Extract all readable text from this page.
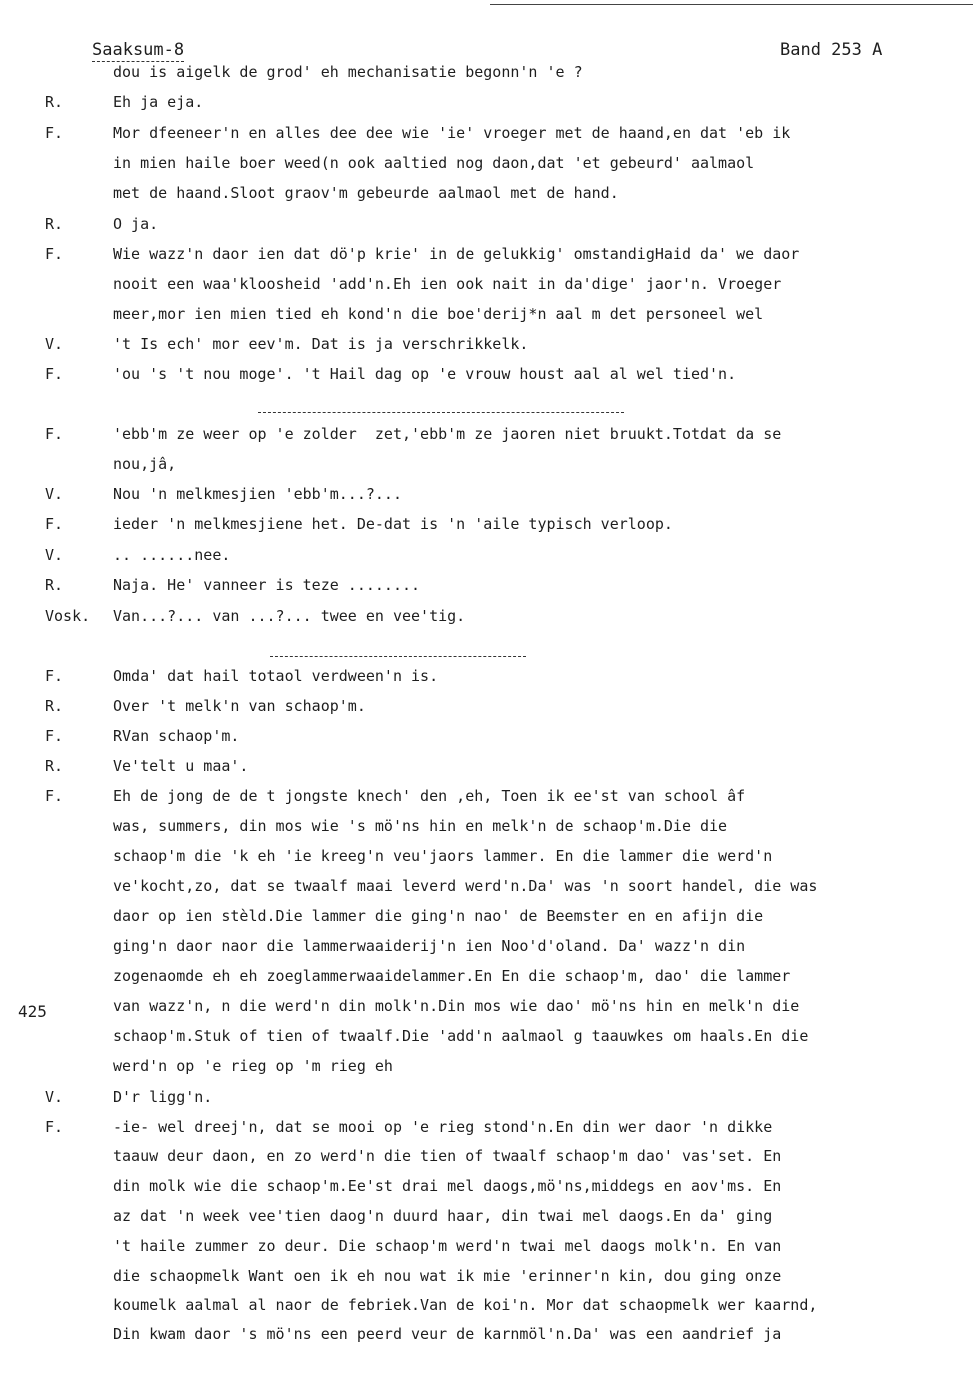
Saaksum-8	Band 253 A
425
dou is aigelk de grod' eh mechanisatie begonn'n 'e ?
R.	Eh ja eja.
F.	Mor dfeeneer'n en alles dee dee wie 'ie' vroeger met de haand,en dat 'eb ik
in mien haile boer weed(n ook aaltied nog daon,dat 'et gebeurd' aalmaol
met de haand.Sloot graov'm gebeurde aalmaol met de hand.
R.	O ja.
F.	Wie wazz'n daor ien dat dö'p krie' in de gelukkig' omstandigHaid da' we daor
nooit een waa'kloosheid 'add'n.Eh ien ook nait in da'dige' jaor'n. Vroeger
meer,mor ien mien tied eh kond'n die boe'derij*n aal m det personeel wel
V.	't Is ech' mor eev'm. Dat is ja verschrikkelk.
F.	'ou 's 't nou moge'. 't Hail dag op 'e vrouw houst aal al wel tied'n.
F.	'ebb'm ze weer op 'e zolder  zet,'ebb'm ze jaoren niet bruukt.Totdat da se
nou,jâ,
V.	Nou 'n melkmesjien 'ebb'm...?...
F.	ieder 'n melkmesjiene het. De-dat is 'n 'aile typisch verloop.
V.	.. ......nee.
R.	Naja. He' vanneer is teze ........
Vosk. Van...?... van ...?... twee en vee'tig.
F.	Omda' dat hail totaol verdween'n is.
R.	Over 't melk'n van schaop'm.
F.	RVan schaop'm.
R.	Ve'telt u maa'.
F.	Eh de jong de de t jongste knech' den ,eh, Toen ik ee'st van school âf
was, summers, din mos wie 's mö'ns hin en melk'n de schaop'm.Die die
schaop'm die 'k eh 'ie kreeg'n veu'jaors lammer. En die lammer die werd'n
ve'kocht,zo, dat se twaalf maai leverd werd'n.Da' was 'n soort handel, die was
daor op ien stèld.Die lammer die ging'n nao' de Beemster en en afijn die
ging'n daor naor die lammerwaaiderij'n ien Noo'd'oland. Da' wazz'n din
zogenaomde eh eh zoeglammerwaaidelammer.En En die schaop'm, dao' die lammer
van wazz'n, n die werd'n din molk'n.Din mos wie dao' mö'ns hin en melk'n die
schaop'm.Stuk of tien of twaalf.Die 'add'n aalmaol g taauwkes om haals.En die
werd'n op 'e rieg op 'm rieg eh
V.	D'r ligg'n.
F.	-ie- wel dreej'n, dat se mooi op 'e rieg stond'n.En din wer daor 'n dikke
taauw deur daon, en zo werd'n die tien of twaalf schaop'm dao' vas'set. En
din molk wie die schaop'm.Ee'st drai mel daogs,mö'ns,middegs en aov'ms. En
az dat 'n week vee'tien daog'n duurd haar, din twai mel daogs.En da' ging
't haile zummer zo deur. Die schaop'm werd'n twai mel daogs molk'n. En van
die schaopmelk Want oen ik eh nou wat ik mie 'erinner'n kin, dou ging onze
koumelk aalmal al naor de febriek.Van de koi'n. Mor dat schaopmelk wer kaarnd,
Din kwam daor 's mö'ns een peerd veur de karnmöl'n.Da' was een aandrief ja
